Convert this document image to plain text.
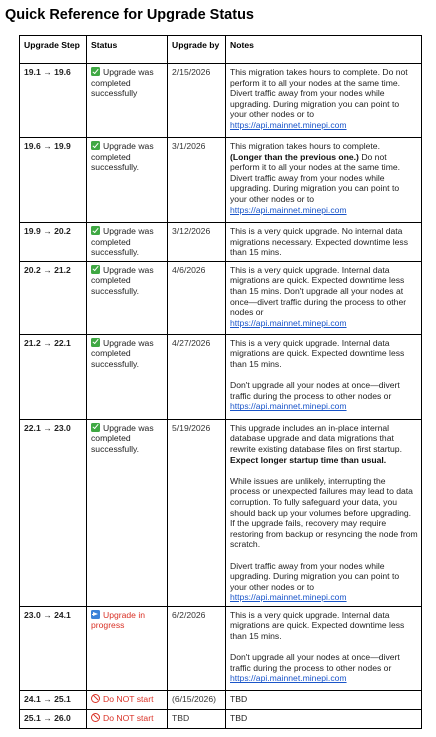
Quick Reference for Upgrade Status
Upgrade Step	Status	Upgrade by	Notes
19.1 → 19.6	Upgrade was completed successfully	2/15/2026	This migration takes hours to complete. Do not perform it to all your nodes at the same time. Divert traffic away from your nodes while upgrading. During migration you can point to your other nodes or to
https://api.mainnet.minepi.com

19.6 → 19.9	Upgrade was completed successfully.	3/1/2026	This migration takes hours to complete.
(Longer than the previous one.) Do not perform it to all your nodes at the same time. Divert traffic away from your nodes while upgrading. During migration you can point to your other nodes or to
https://api.mainnet.minepi.com

19.9 → 20.2	Upgrade was completed successfully.	3/12/2026	This is a very quick upgrade. No internal data migrations necessary. Expected downtime less than 15 mins.

20.2 → 21.2	Upgrade was completed successfully.	4/6/2026	This is a very quick upgrade. Internal data migrations are quick. Expected downtime less than 15 mins. Don't upgrade all your nodes at once—divert traffic during the process to other nodes or
https://api.mainnet.minepi.com

21.2 → 22.1	Upgrade was completed successfully.	4/27/2026	This is a very quick upgrade. Internal data migrations are quick. Expected downtime less than 15 mins.

Don't upgrade all your nodes at once—divert traffic during the process to other nodes or
https://api.mainnet.minepi.com

22.1 → 23.0	Upgrade was completed successfully.	5/19/2026	This upgrade includes an in-place internal database upgrade and data migrations that rewrite existing database files on first startup. Expect longer startup time than usual.

While issues are unlikely, interrupting the process or unexpected failures may lead to data corruption. To fully safeguard your data, you should back up your volumes before upgrading. If the upgrade fails, recovery may require restoring from backup or resyncing the node from scratch.

Divert traffic away from your nodes while upgrading. During migration you can point to your other nodes or to
https://api.mainnet.minepi.com

23.0 → 24.1	Upgrade in progress	6/2/2026	This is a very quick upgrade. Internal data migrations are quick. Expected downtime less than 15 mins.

Don't upgrade all your nodes at once—divert traffic during the process to other nodes or
https://api.mainnet.minepi.com

24.1 → 25.1	Do NOT start	(6/15/2026)	TBD

25.1 → 26.0	Do NOT start	TBD	TBD
